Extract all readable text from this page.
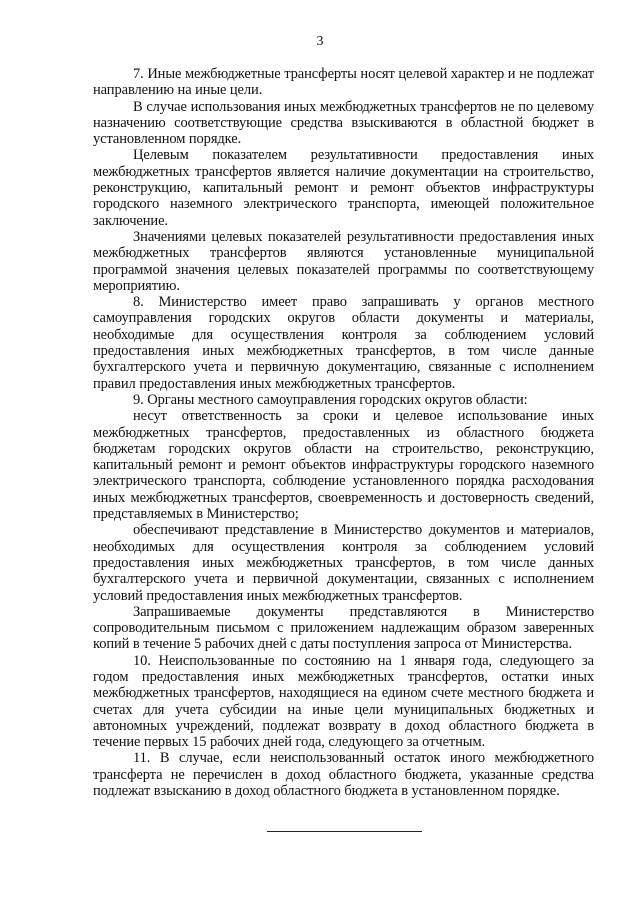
3

7. Иные межбюджетные трансферты носят целевой характер и не подлежат направлению на иные цели.

В случае использования иных межбюджетных трансфертов не по целевому назначению соответствующие средства взыскиваются в областной бюджет в установленном порядке.

Целевым показателем результативности предоставления иных межбюджетных трансфертов является наличие документации на строительство, реконструкцию, капитальный ремонт и ремонт объектов инфраструктуры городского наземного электрического транспорта, имеющей положительное заключение.

Значениями целевых показателей результативности предоставления иных межбюджетных трансфертов являются установленные муниципальной программой значения целевых показателей программы по соответствующему мероприятию.

8. Министерство имеет право запрашивать у органов местного самоуправления городских округов области документы и материалы, необходимые для осуществления контроля за соблюдением условий предоставления иных межбюджетных трансфертов, в том числе данные бухгалтерского учета и первичную документацию, связанные с исполнением правил предоставления иных межбюджетных трансфертов.

9. Органы местного самоуправления городских округов области:

несут ответственность за сроки и целевое использование иных межбюджетных трансфертов, предоставленных из областного бюджета бюджетам городских округов области на строительство, реконструкцию, капитальный ремонт и ремонт объектов инфраструктуры городского наземного электрического транспорта, соблюдение установленного порядка расходования иных межбюджетных трансфертов, своевременность и достоверность сведений, представляемых в Министерство;

обеспечивают представление в Министерство документов и материалов, необходимых для осуществления контроля за соблюдением условий предоставления иных межбюджетных трансфертов, в том числе данных бухгалтерского учета и первичной документации, связанных с исполнением условий предоставления иных межбюджетных трансфертов.

Запрашиваемые документы представляются в Министерство сопроводительным письмом с приложением надлежащим образом заверенных копий в течение 5 рабочих дней с даты поступления запроса от Министерства.

10. Неиспользованные по состоянию на 1 января года, следующего за годом предоставления иных межбюджетных трансфертов, остатки иных межбюджетных трансфертов, находящиеся на едином счете местного бюджета и счетах для учета субсидии на иные цели муниципальных бюджетных и автономных учреждений, подлежат возврату в доход областного бюджета в течение первых 15 рабочих дней года, следующего за отчетным.

11. В случае, если неиспользованный остаток иного межбюджетного трансферта не перечислен в доход областного бюджета, указанные средства подлежат взысканию в доход областного бюджета в установленном порядке.
